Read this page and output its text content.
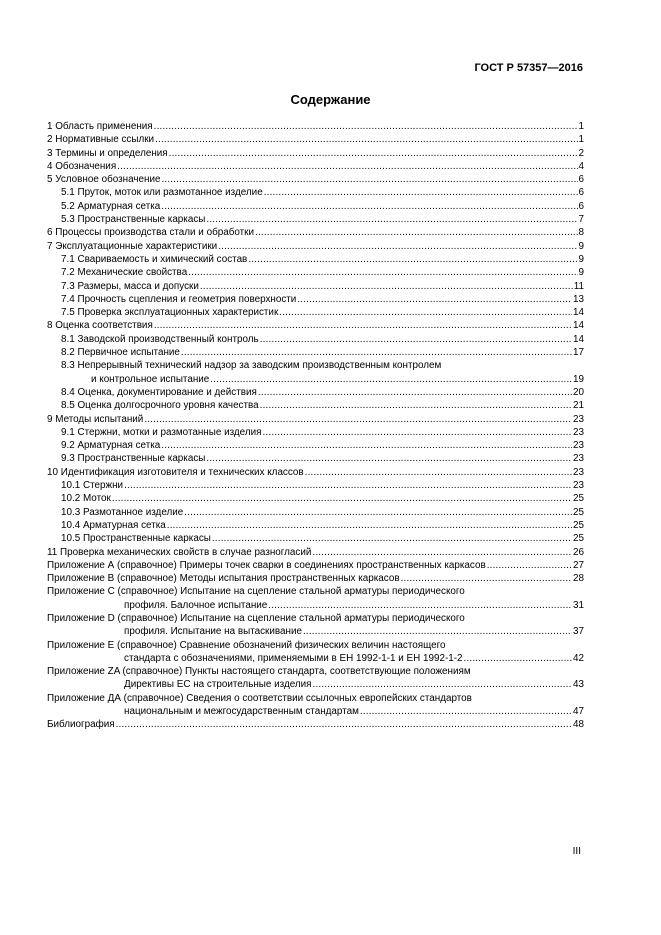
ГОСТ Р 57357—2016
Содержание
1 Область применения .....	1
2 Нормативные ссылки .....	1
3 Термины и определения .....	2
4 Обозначения .....	4
5 Условное обозначение .....	6
5.1 Пруток, моток или размотанное изделие .....	6
5.2 Арматурная сетка .....	6
5.3 Пространственные каркасы .....	7
6 Процессы производства стали и обработки .....	8
7 Эксплуатационные характеристики .....	9
7.1 Свариваемость и химический состав .....	9
7.2 Механические свойства .....	9
7.3 Размеры, масса и допуски .....	11
7.4 Прочность сцепления и геометрия поверхности .....	13
7.5 Проверка эксплуатационных характеристик .....	14
8 Оценка соответствия .....	14
8.1 Заводской производственный контроль .....	14
8.2 Первичное испытание .....	17
8.3 Непрерывный технический надзор за заводским производственным контролем
и контрольное испытание .....	19
8.4 Оценка, документирование и действия .....	20
8.5 Оценка долгосрочного уровня качества .....	21
9 Методы испытаний .....	23
9.1 Стержни, мотки и размотанные изделия .....	23
9.2 Арматурная сетка .....	23
9.3 Пространственные каркасы .....	23
10 Идентификация изготовителя и технических классов .....	23
10.1 Стержни .....	23
10.2 Моток .....	25
10.3 Размотанное изделие .....	25
10.4 Арматурная сетка .....	25
10.5 Пространственные каркасы .....	25
11 Проверка механических свойств в случае разногласий .....	26
Приложение А (справочное) Примеры точек сварки в соединениях пространственных каркасов .....	27
Приложение В (справочное) Методы испытания пространственных каркасов .....	28
Приложение С (справочное) Испытание на сцепление стальной арматуры периодического
профиля. Балочное испытание .....	31
Приложение D (справочное) Испытание на сцепление стальной арматуры периодического
профиля. Испытание на вытаскивание .....	37
Приложение Е (справочное) Сравнение обозначений физических величин настоящего
стандарта с обозначениями, применяемыми в ЕН 1992-1-1 и ЕН 1992-1-2 .....	42
Приложение ZA (справочное) Пункты настоящего стандарта, соответствующие положениям
Директивы ЕС на строительные изделия .....	43
Приложение ДА (справочное) Сведения о соответствии ссылочных европейских стандартов
национальным и межгосударственным стандартам .....	47
Библиография .....	48
III
